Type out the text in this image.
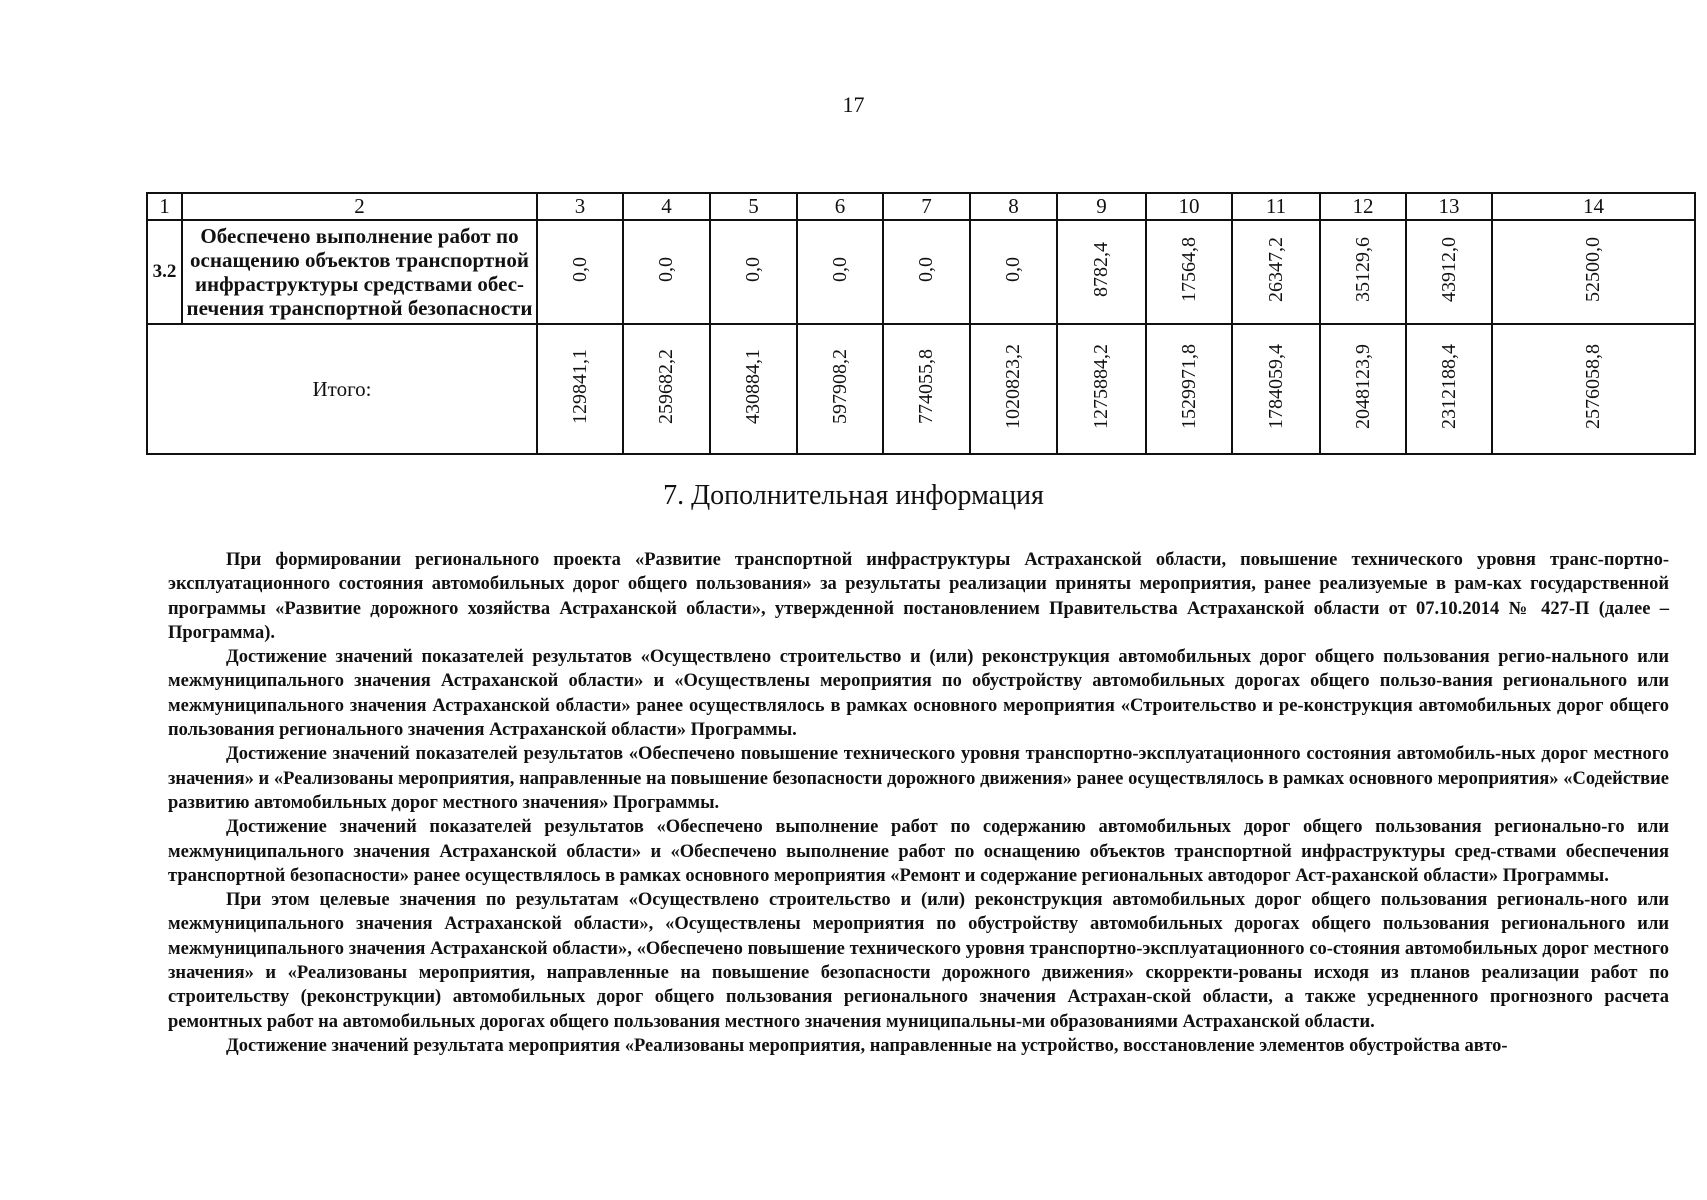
17
1	2	3	4	5	6	7	8	9	10	11	12	13	14
3.2	Обеспечено выполнение работ по
оснащению объектов транспортной
инфраструктуры средствами обес-
печения транспортной безопасности	0,0	0,0	0,0	0,0	0,0	0,0	8782,4	17564,8	26347,2	35129,6	43912,0	52500,0
Итого:		129841,1	259682,2	430884,1	597908,2	774055,8	1020823,2	1275884,2	1529971,8	1784059,4	2048123,9	2312188,4	2576058,8
7. Дополнительная информация

При формировании регионального проекта «Развитие транспортной инфраструктуры Астраханской области, повышение технического уровня транс-портно-эксплуатационного состояния автомобильных дорог общего пользования» за результаты реализации приняты мероприятия, ранее реализуемые в рам-ках государственной программы «Развитие дорожного хозяйства Астраханской области», утвержденной постановлением Правительства Астраханской области от 07.10.2014 № 427-П (далее – Программа).

Достижение значений показателей результатов «Осуществлено строительство и (или) реконструкция автомобильных дорог общего пользования регио-нального или межмуниципального значения Астраханской области» и «Осуществлены мероприятия по обустройству автомобильных дорогах общего пользо-вания регионального или межмуниципального значения Астраханской области» ранее осуществлялось в рамках основного мероприятия «Строительство и ре-конструкция автомобильных дорог общего пользования регионального значения Астраханской области» Программы.

Достижение значений показателей результатов «Обеспечено повышение технического уровня транспортно-эксплуатационного состояния автомобиль-ных дорог местного значения» и «Реализованы мероприятия, направленные на повышение безопасности дорожного движения» ранее осуществлялось в рамках основного мероприятия» «Содействие развитию автомобильных дорог местного значения» Программы.

Достижение значений показателей результатов «Обеспечено выполнение работ по содержанию автомобильных дорог общего пользования регионально-го или межмуниципального значения Астраханской области» и «Обеспечено выполнение работ по оснащению объектов транспортной инфраструктуры сред-ствами обеспечения транспортной безопасности» ранее осуществлялось в рамках основного мероприятия «Ремонт и содержание региональных автодорог Аст-раханской области» Программы.

При этом целевые значения по результатам «Осуществлено строительство и (или) реконструкция автомобильных дорог общего пользования региональ-ного или межмуниципального значения Астраханской области», «Осуществлены мероприятия по обустройству автомобильных дорогах общего пользования регионального или межмуниципального значения Астраханской области», «Обеспечено повышение технического уровня транспортно-эксплуатационного со-стояния автомобильных дорог местного значения» и «Реализованы мероприятия, направленные на повышение безопасности дорожного движения» скорректи-рованы исходя из планов реализации работ по строительству (реконструкции) автомобильных дорог общего пользования регионального значения Астрахан-ской области, а также усредненного прогнозного расчета ремонтных работ на автомобильных дорогах общего пользования местного значения муниципальны-ми образованиями Астраханской области.

Достижение значений результата мероприятия «Реализованы мероприятия, направленные на устройство, восстановление элементов обустройства авто-
